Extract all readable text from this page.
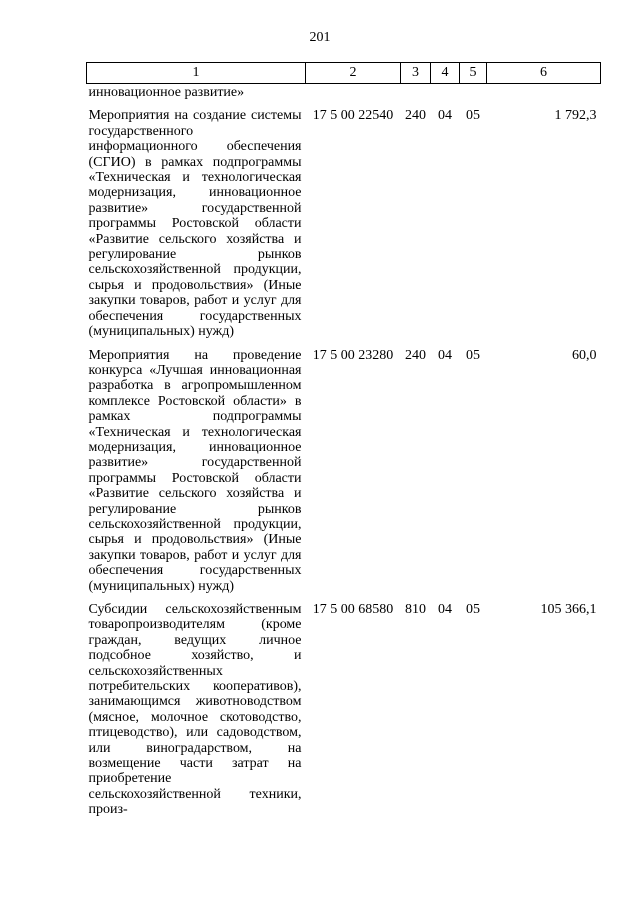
201
1	2	3	4	5	6
инновационное развитие»					
Мероприятия на создание системы государственного информационного обеспечения (СГИО) в рамках подпрограммы «Техническая и технологическая модернизация, инновационное развитие» государственной программы Ростовской области «Развитие сельского хозяйства и регулирование рынков сельскохозяйственной продукции, сырья и продовольствия» (Иные закупки товаров, работ и услуг для обеспечения государственных (муниципальных) нужд)	17 5 00 22540	240	04	05	1 792,3
Мероприятия на проведение конкурса «Лучшая инновационная разработка в агропромышленном комплексе Ростовской области» в рамках подпрограммы «Техническая и технологическая модернизация, инновационное развитие» государственной программы Ростовской области «Развитие сельского хозяйства и регулирование рынков сельскохозяйственной продукции, сырья и продовольствия» (Иные закупки товаров, работ и услуг для обеспечения государственных (муниципальных) нужд)	17 5 00 23280	240	04	05	60,0
Субсидии сельскохозяйственным товаропроизводителям (кроме граждан, ведущих личное подсобное хозяйство, и сельскохозяйственных потребительских кооперативов), занимающимся животноводством (мясное, молочное скотоводство, птицеводство), или садоводством, или виноградарством, на возмещение части затрат на приобретение сельскохозяйственной техники, произ-	17 5 00 68580	810	04	05	105 366,1
